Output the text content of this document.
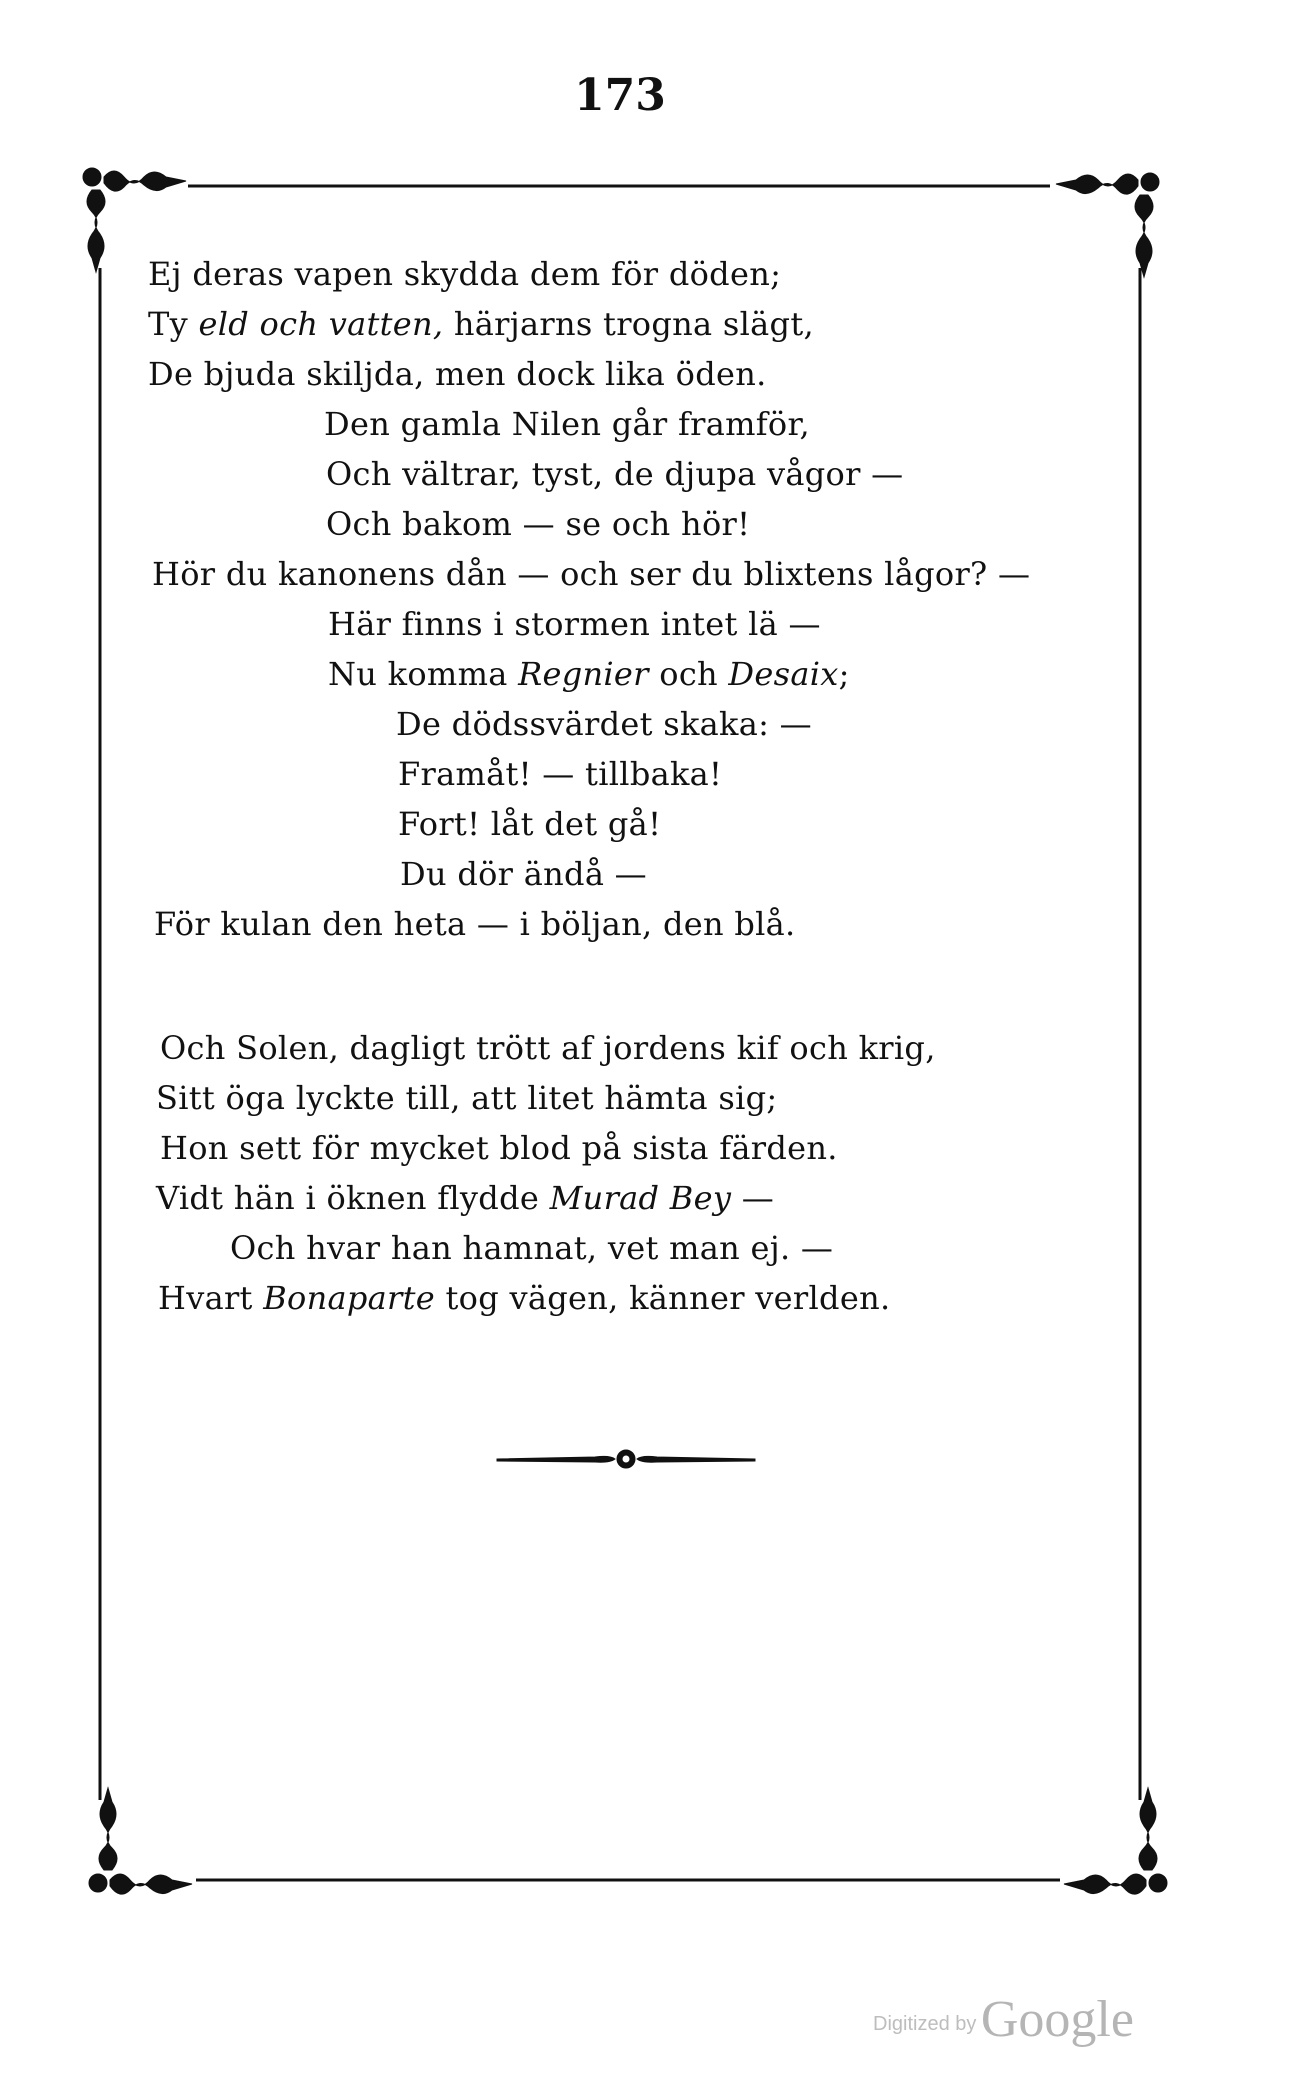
173
Ej deras vapen skydda dem för döden;
Ty eld och vatten, härjarns trogna slägt,
De bjuda skiljda, men dock lika öden.
Den gamla Nilen går framför,
Och vältrar, tyst, de djupa vågor —
Och bakom — se och hör!
Hör du kanonens dån — och ser du blixtens lågor? —
Här finns i stormen intet lä —
Nu komma Regnier och Desaix;
De dödssvärdet skaka: —
Framåt! — tillbaka!
Fort! låt det gå!
Du dör ändå —
För kulan den heta — i böljan, den blå.
Och Solen, dagligt trött af jordens kif och krig,
Sitt öga lyckte till, att litet hämta sig;
Hon sett för mycket blod på sista färden.
Vidt hän i öknen flydde Murad Bey —
Och hvar han hamnat, vet man ej. —
Hvart Bonaparte tog vägen, känner verlden.
Digitized by Google
